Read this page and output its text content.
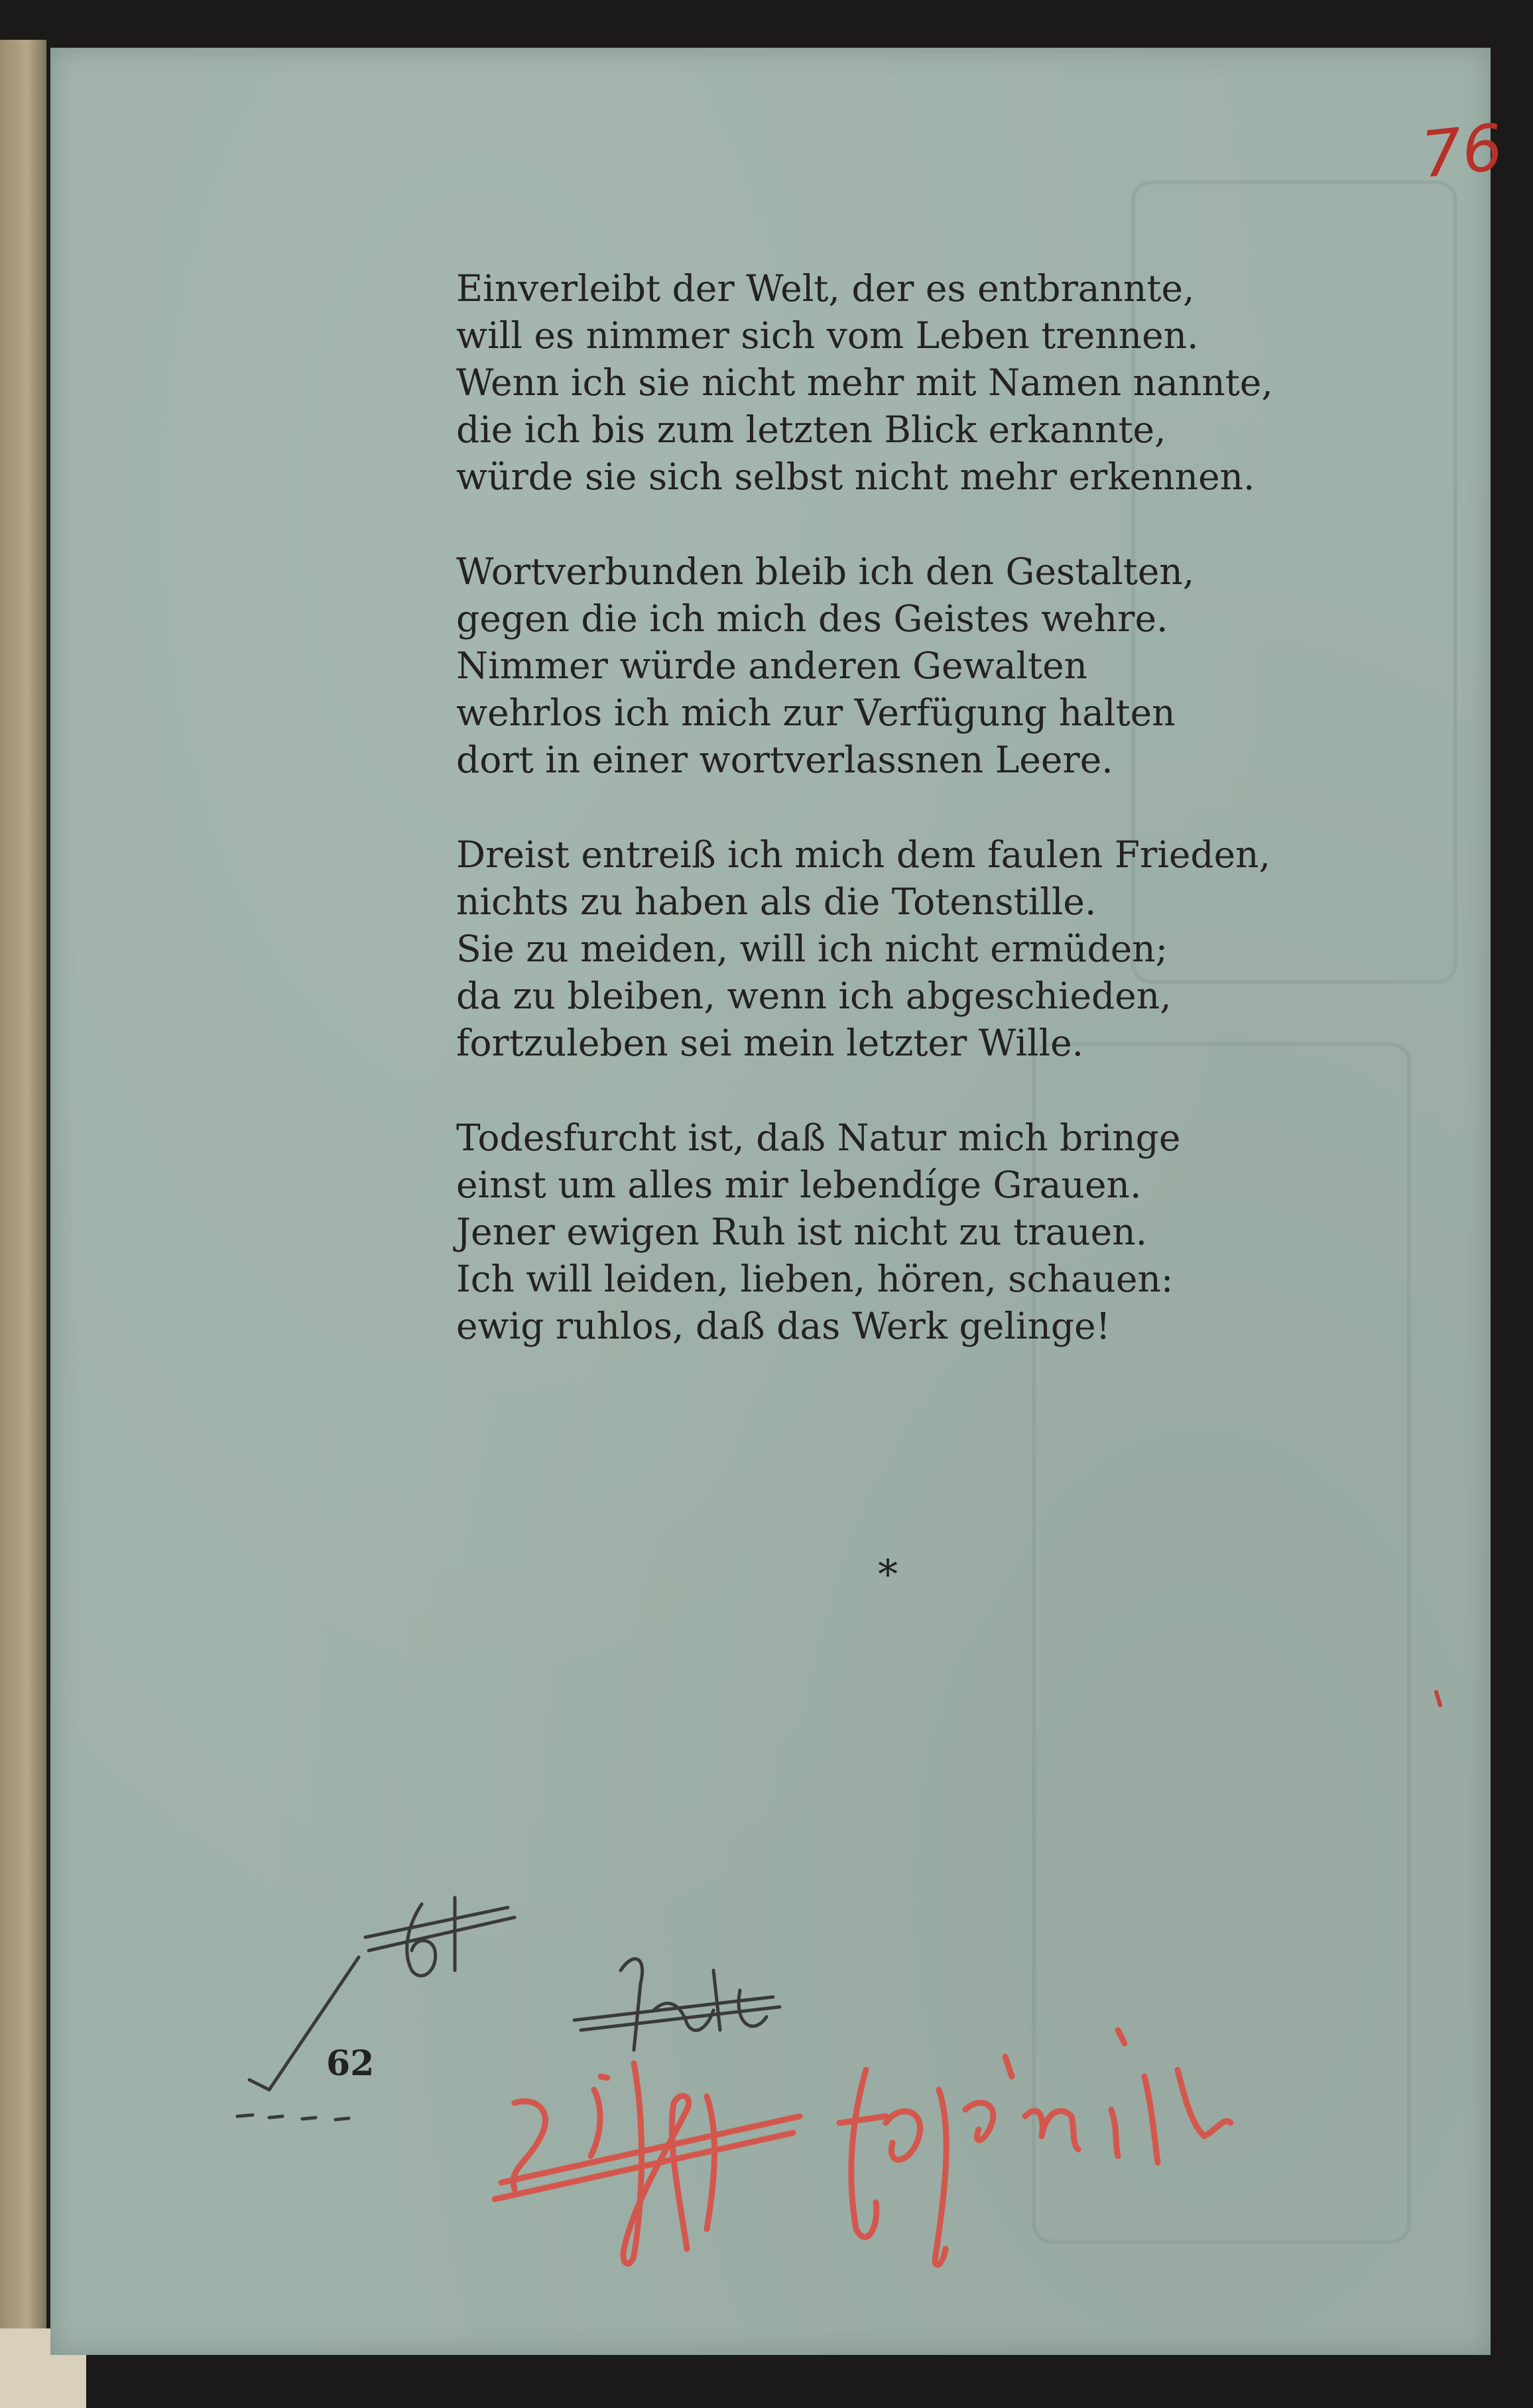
76
Einverleibt der Welt, der es entbrannte,
will es nimmer sich vom Leben trennen.
Wenn ich sie nicht mehr mit Namen nannte,
die ich bis zum letzten Blick erkannte,
würde sie sich selbst nicht mehr erkennen.
Wortverbunden bleib ich den Gestalten,
gegen die ich mich des Geistes wehre.
Nimmer würde anderen Gewalten
wehrlos ich mich zur Verfügung halten
dort in einer wortverlassnen Leere.
Dreist entreiß ich mich dem faulen Frieden,
nichts zu haben als die Totenstille.
Sie zu meiden, will ich nicht ermüden;
da zu bleiben, wenn ich abgeschieden,
fortzuleben sei mein letzter Wille.
Todesfurcht ist, daß Natur mich bringe
einst um alles mir lebendíge Grauen.
Jener ewigen Ruh ist nicht zu trauen.
Ich will leiden, lieben, hören, schauen:
ewig ruhlos, daß das Werk gelinge!
*
62
